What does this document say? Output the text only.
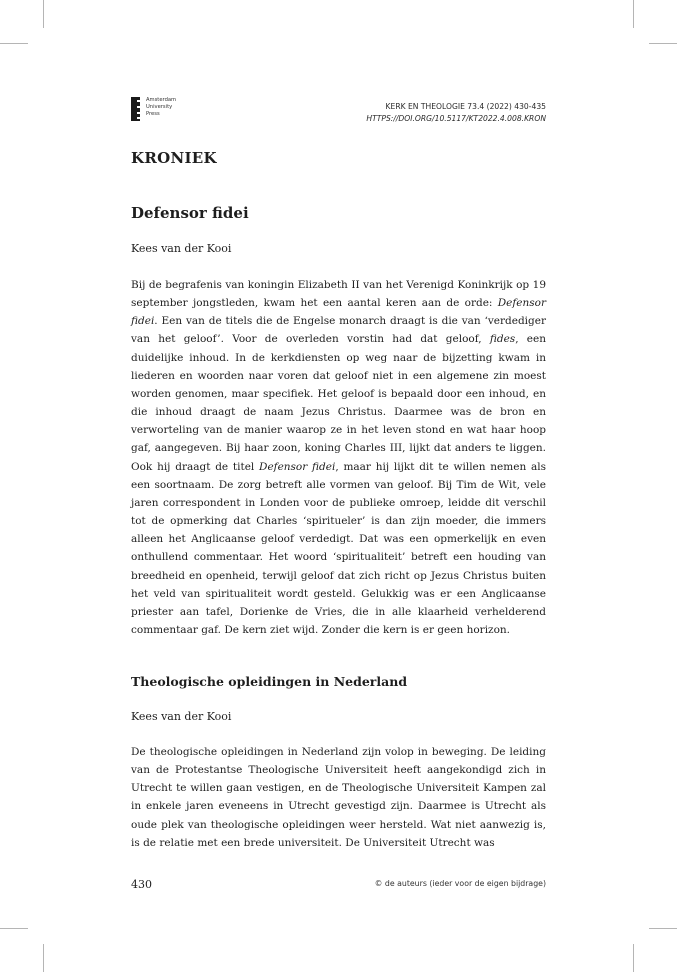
Amsterdam
University
Press
KERK EN THEOLOGIE 73.4 (2022) 430-435
HTTPS://DOI.ORG/10.5117/KT2022.4.008.KRON
KRONIEK
Defensor fidei
Kees van der Kooi

Bij de begrafenis van koningin Elizabeth II van het Verenigd Koninkrijk op 19 september jongstleden, kwam het een aantal keren aan de orde: Defensor fidei. Een van de titels die de Engelse monarch draagt is die van ‘verdediger van het geloof’. Voor de overleden vorstin had dat geloof, fides, een duidelijke inhoud. In de kerkdiensten op weg naar de bijzetting kwam in liederen en woorden naar voren dat geloof niet in een algemene zin moest worden genomen, maar specifiek. Het geloof is bepaald door een inhoud, en die inhoud draagt de naam Jezus Christus. Daarmee was de bron en verworteling van de manier waarop ze in het leven stond en wat haar hoop gaf, aangegeven. Bij haar zoon, koning Charles III, lijkt dat anders te liggen. Ook hij draagt de titel Defensor fidei, maar hij lijkt dit te willen nemen als een soortnaam. De zorg betreft alle vormen van geloof. Bij Tim de Wit, vele jaren correspondent in Londen voor de publieke omroep, leidde dit verschil tot de opmerking dat Charles ‘spiritueler’ is dan zijn moeder, die immers alleen het Anglicaanse geloof verdedigt. Dat was een opmerkelijk en even onthullend commentaar. Het woord ‘spiritualiteit’ betreft een houding van breedheid en openheid, terwijl geloof dat zich richt op Jezus Christus buiten het veld van spiritualiteit wordt gesteld. Gelukkig was er een Anglicaanse priester aan tafel, Dorienke de Vries, die in alle klaarheid verhelderend commentaar gaf. De kern ziet wijd. Zonder die kern is er geen horizon.

Theologische opleidingen in Nederland
Kees van der Kooi

De theologische opleidingen in Nederland zijn volop in beweging. De leiding van de Protestantse Theologische Universiteit heeft aangekondigd zich in Utrecht te willen gaan vestigen, en de Theologische Universiteit Kampen zal in enkele jaren eveneens in Utrecht gevestigd zijn. Daarmee is Utrecht als oude plek van theologische opleidingen weer hersteld. Wat niet aanwezig is, is de relatie met een brede universiteit. De Universiteit Utrecht was

430	© de auteurs (ieder voor de eigen bijdrage)
